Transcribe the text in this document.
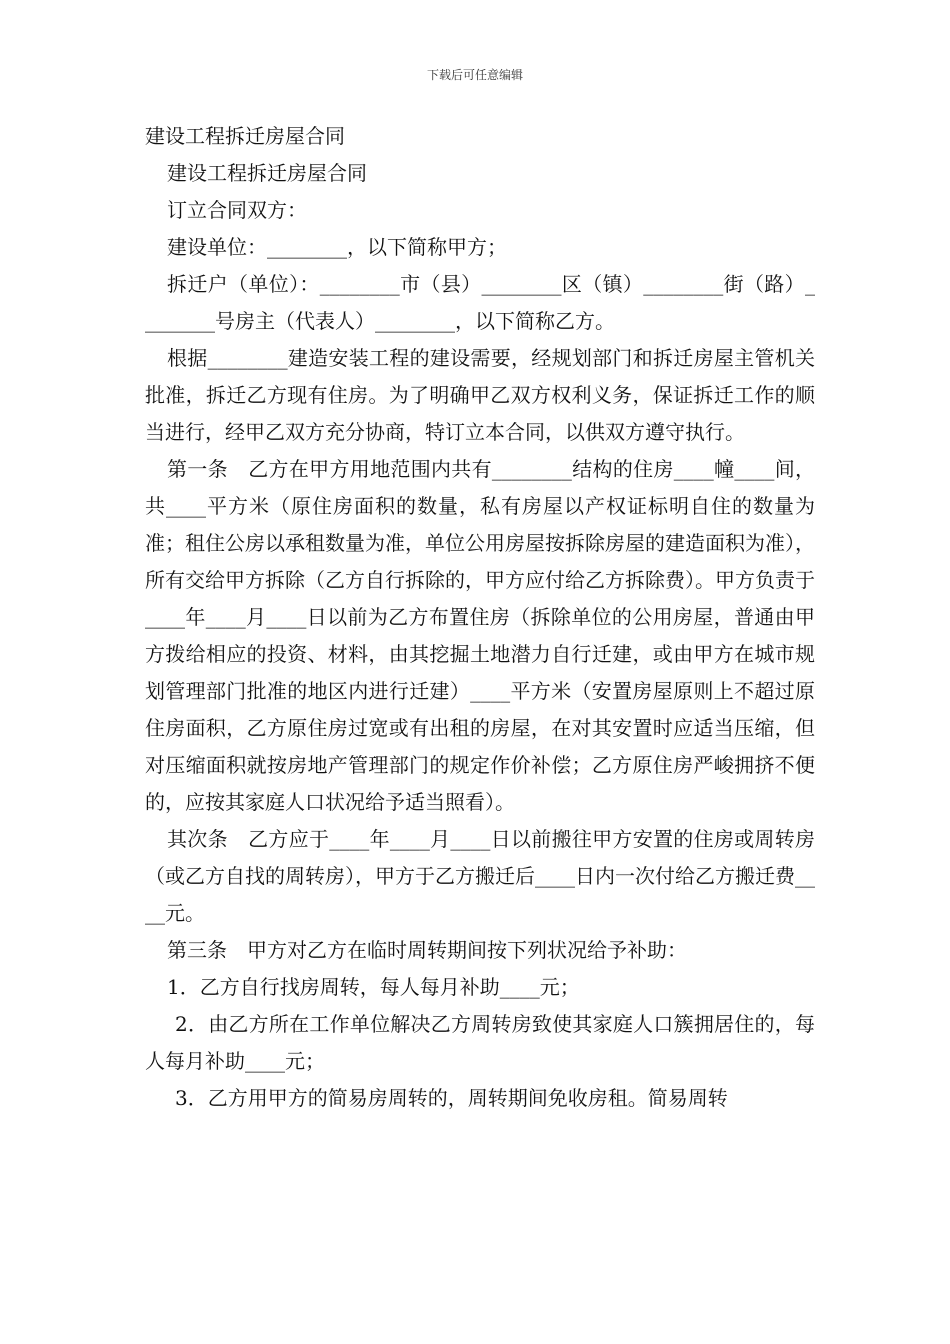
下载后可任意编辑

建设工程拆迁房屋合同

建设工程拆迁房屋合同

订立合同双方：

建设单位：________，以下简称甲方；

拆迁户（单位）：________市（县）________区（镇）________街（路）________号房主（代表人）________，以下简称乙方。

根据________建造安装工程的建设需要，经规划部门和拆迁房屋主管机关批准，拆迁乙方现有住房。为了明确甲乙双方权利义务，保证拆迁工作的顺当进行，经甲乙双方充分协商，特订立本合同，以供双方遵守执行。

第一条　乙方在甲方用地范围内共有________结构的住房____幢____间，共____平方米（原住房面积的数量，私有房屋以产权证标明自住的数量为准；租住公房以承租数量为准，单位公用房屋按拆除房屋的建造面积为准），所有交给甲方拆除（乙方自行拆除的，甲方应付给乙方拆除费）。甲方负责于____年____月____日以前为乙方布置住房（拆除单位的公用房屋，普通由甲方拨给相应的投资、材料，由其挖掘土地潜力自行迁建，或由甲方在城市规划管理部门批准的地区内进行迁建）____平方米（安置房屋原则上不超过原住房面积，乙方原住房过宽或有出租的房屋，在对其安置时应适当压缩，但对压缩面积就按房地产管理部门的规定作价补偿；乙方原住房严峻拥挤不便的，应按其家庭人口状况给予适当照看）。

其次条　乙方应于____年____月____日以前搬往甲方安置的住房或周转房（或乙方自找的周转房），甲方于乙方搬迁后____日内一次付给乙方搬迁费____元。

第三条　甲方对乙方在临时周转期间按下列状况给予补助：

1．乙方自行找房周转，每人每月补助____元；

2．由乙方所在工作单位解决乙方周转房致使其家庭人口簇拥居住的，每人每月补助____元；

3．乙方用甲方的简易房周转的，周转期间免收房租。简易周转
